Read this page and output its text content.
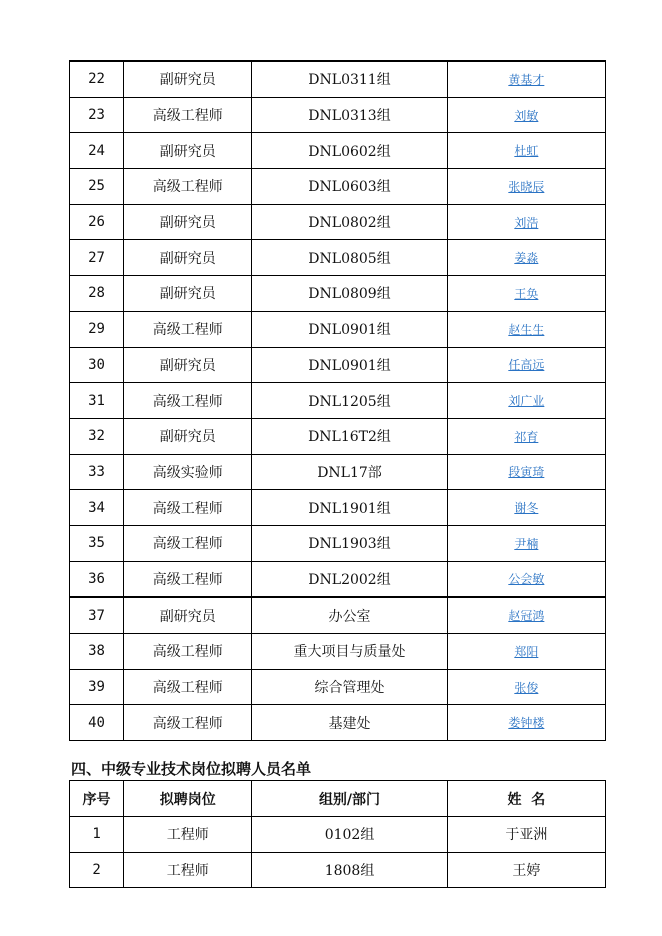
22	副研究员	DNL0311组	黄基才
23	高级工程师	DNL0313组	刘敏
24	副研究员	DNL0602组	杜虹
25	高级工程师	DNL0603组	张晓辰
26	副研究员	DNL0802组	刘浩
27	副研究员	DNL0805组	姜淼
28	副研究员	DNL0809组	王奂
29	高级工程师	DNL0901组	赵生生
30	副研究员	DNL0901组	任高远
31	高级工程师	DNL1205组	刘广业
32	副研究员	DNL16T2组	祁育
33	高级实验师	DNL17部	段寅琦
34	高级工程师	DNL1901组	谢冬
35	高级工程师	DNL1903组	尹楠
36	高级工程师	DNL2002组	公会敏
37	副研究员	办公室	赵冠鸿
38	高级工程师	重大项目与质量处	郑阳
39	高级工程师	综合管理处	张俊
40	高级工程师	基建处	娄钟楼
四、中级专业技术岗位拟聘人员名单
序号	拟聘岗位	组别/部门	姓  名
1	工程师	0102组	于亚洲
2	工程师	1808组	王婷
